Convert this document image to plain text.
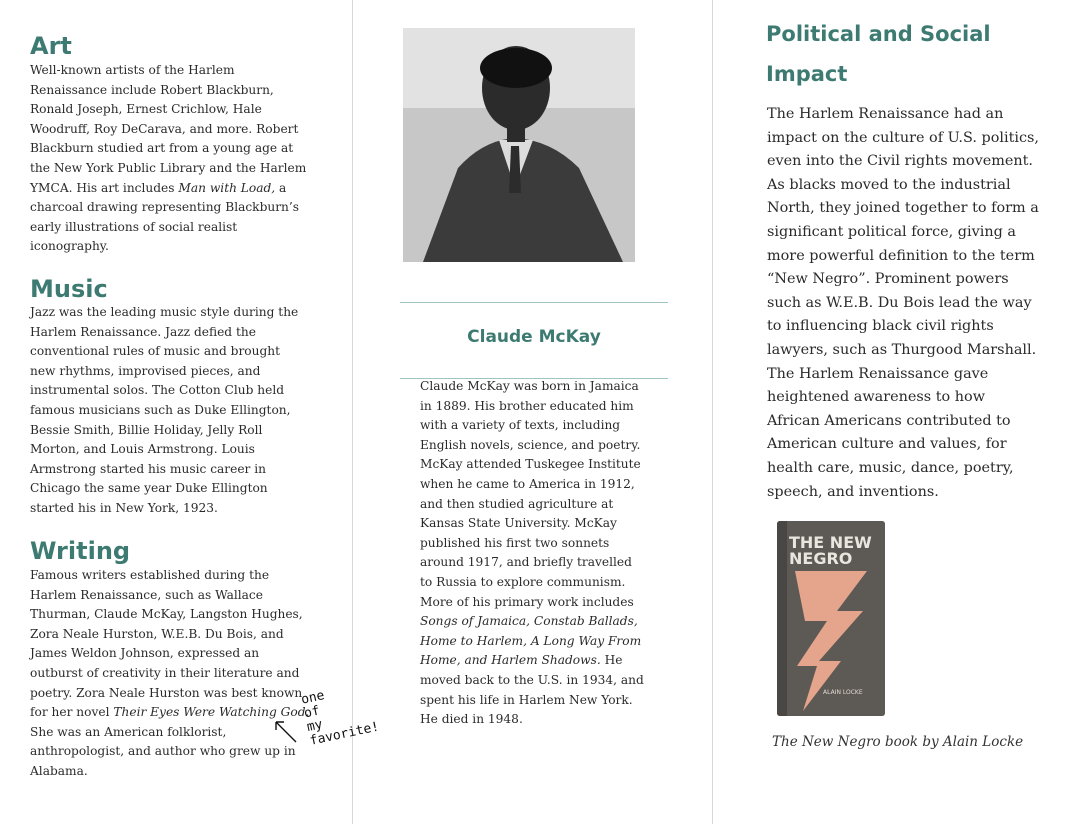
Art

Well-known artists of the Harlem
Renaissance include Robert Blackburn,
Ronald Joseph, Ernest Crichlow, Hale
Woodruff, Roy DeCarava, and more. Robert
Blackburn studied art from a young age at
the New York Public Library and the Harlem
YMCA. His art includes Man with Load, a
charcoal drawing representing Blackburn’s
early illustrations of social realist
iconography.

Music

Jazz was the leading music style during the
Harlem Renaissance. Jazz defied the
conventional rules of music and brought
new rhythms, improvised pieces, and
instrumental solos. The Cotton Club held
famous musicians such as Duke Ellington,
Bessie Smith, Billie Holiday, Jelly Roll
Morton, and Louis Armstrong. Louis
Armstrong started his music career in
Chicago the same year Duke Ellington
started his in New York, 1923.

Writing

Famous writers established during the
Harlem Renaissance, such as Wallace
Thurman, Claude McKay, Langston Hughes,
Zora Neale Hurston, W.E.B. Du Bois, and
James Weldon Johnson, expressed an
outburst of creativity in their literature and
poetry. Zora Neale Hurston was best known
for her novel Their Eyes Were Watching God.
She was an American folklorist,
anthropologist, and author who grew up in
Alabama.

one
of
my
favorite!
Claude McKay

Claude McKay was born in Jamaica
in 1889. His brother educated him
with a variety of texts, including
English novels, science, and poetry.
McKay attended Tuskegee Institute
when he came to America in 1912,
and then studied agriculture at
Kansas State University. McKay
published his first two sonnets
around 1917, and briefly travelled
to Russia to explore communism.
More of his primary work includes
Songs of Jamaica, Constab Ballads,
Home to Harlem, A Long Way From
Home, and Harlem Shadows. He
moved back to the U.S. in 1934, and
spent his life in Harlem New York.
He died in 1948.

Political and Social
Impact

The Harlem Renaissance had an
impact on the culture of U.S. politics,
even into the Civil rights movement.
As blacks moved to the industrial
North, they joined together to form a
significant political force, giving a
more powerful definition to the term
“New Negro”. Prominent powers
such as W.E.B. Du Bois lead the way
to influencing black civil rights
lawyers, such as Thurgood Marshall.
The Harlem Renaissance gave
heightened awareness to how
African Americans contributed to
American culture and values, for
health care, music, dance, poetry,
speech, and inventions.

THE NEW NEGRO
ALAIN LOCKE

The New Negro book by Alain Locke
